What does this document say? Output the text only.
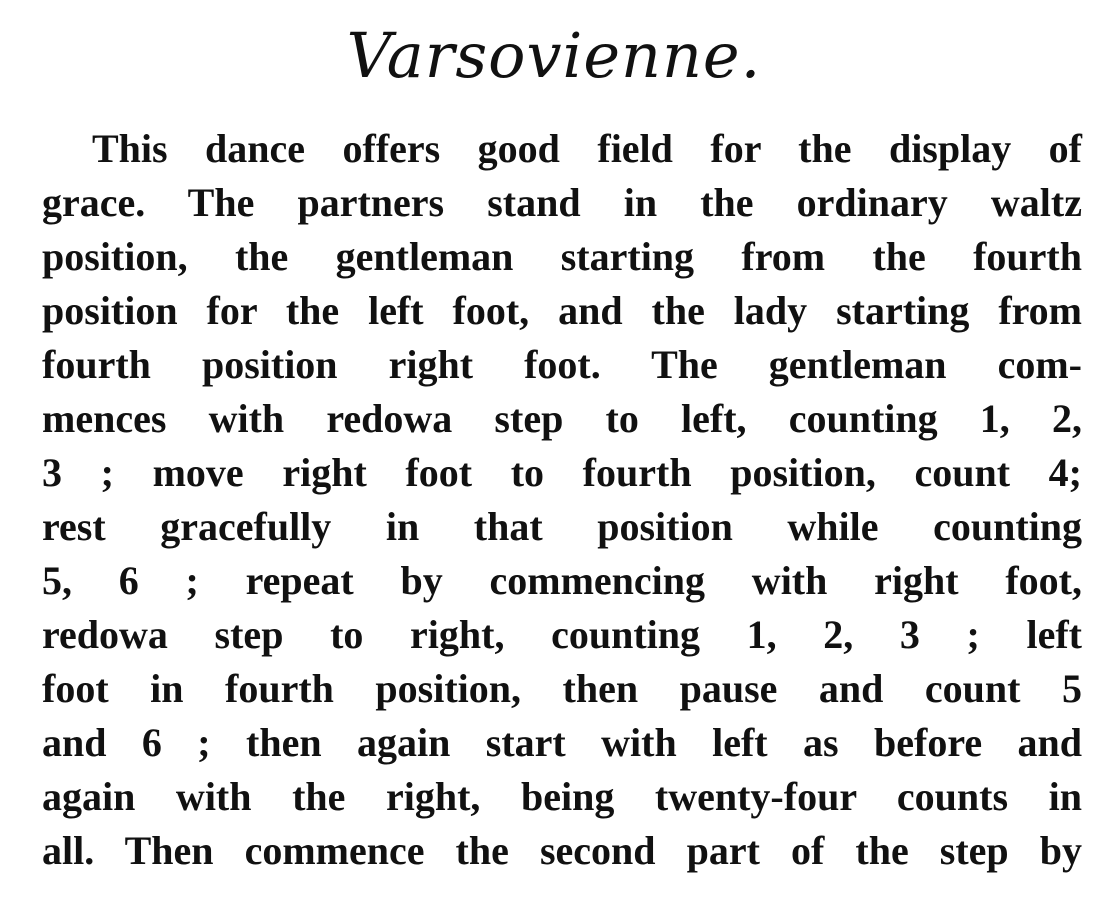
Varsovienne.
This dance offers good field for the display of
grace. The partners stand in the ordinary waltz
position, the gentleman starting from the fourth
position for the left foot, and the lady starting from
fourth position right foot. The gentleman com-
mences with redowa step to left, counting 1, 2,
3 ; move right foot to fourth position, count 4;
rest gracefully in that position while counting
5, 6 ; repeat by commencing with right foot,
redowa step to right, counting 1, 2, 3 ; left
foot in fourth position, then pause and count 5
and 6 ; then again start with left as before and
again with the right, being twenty-four counts in
all. Then commence the second part of the step by
